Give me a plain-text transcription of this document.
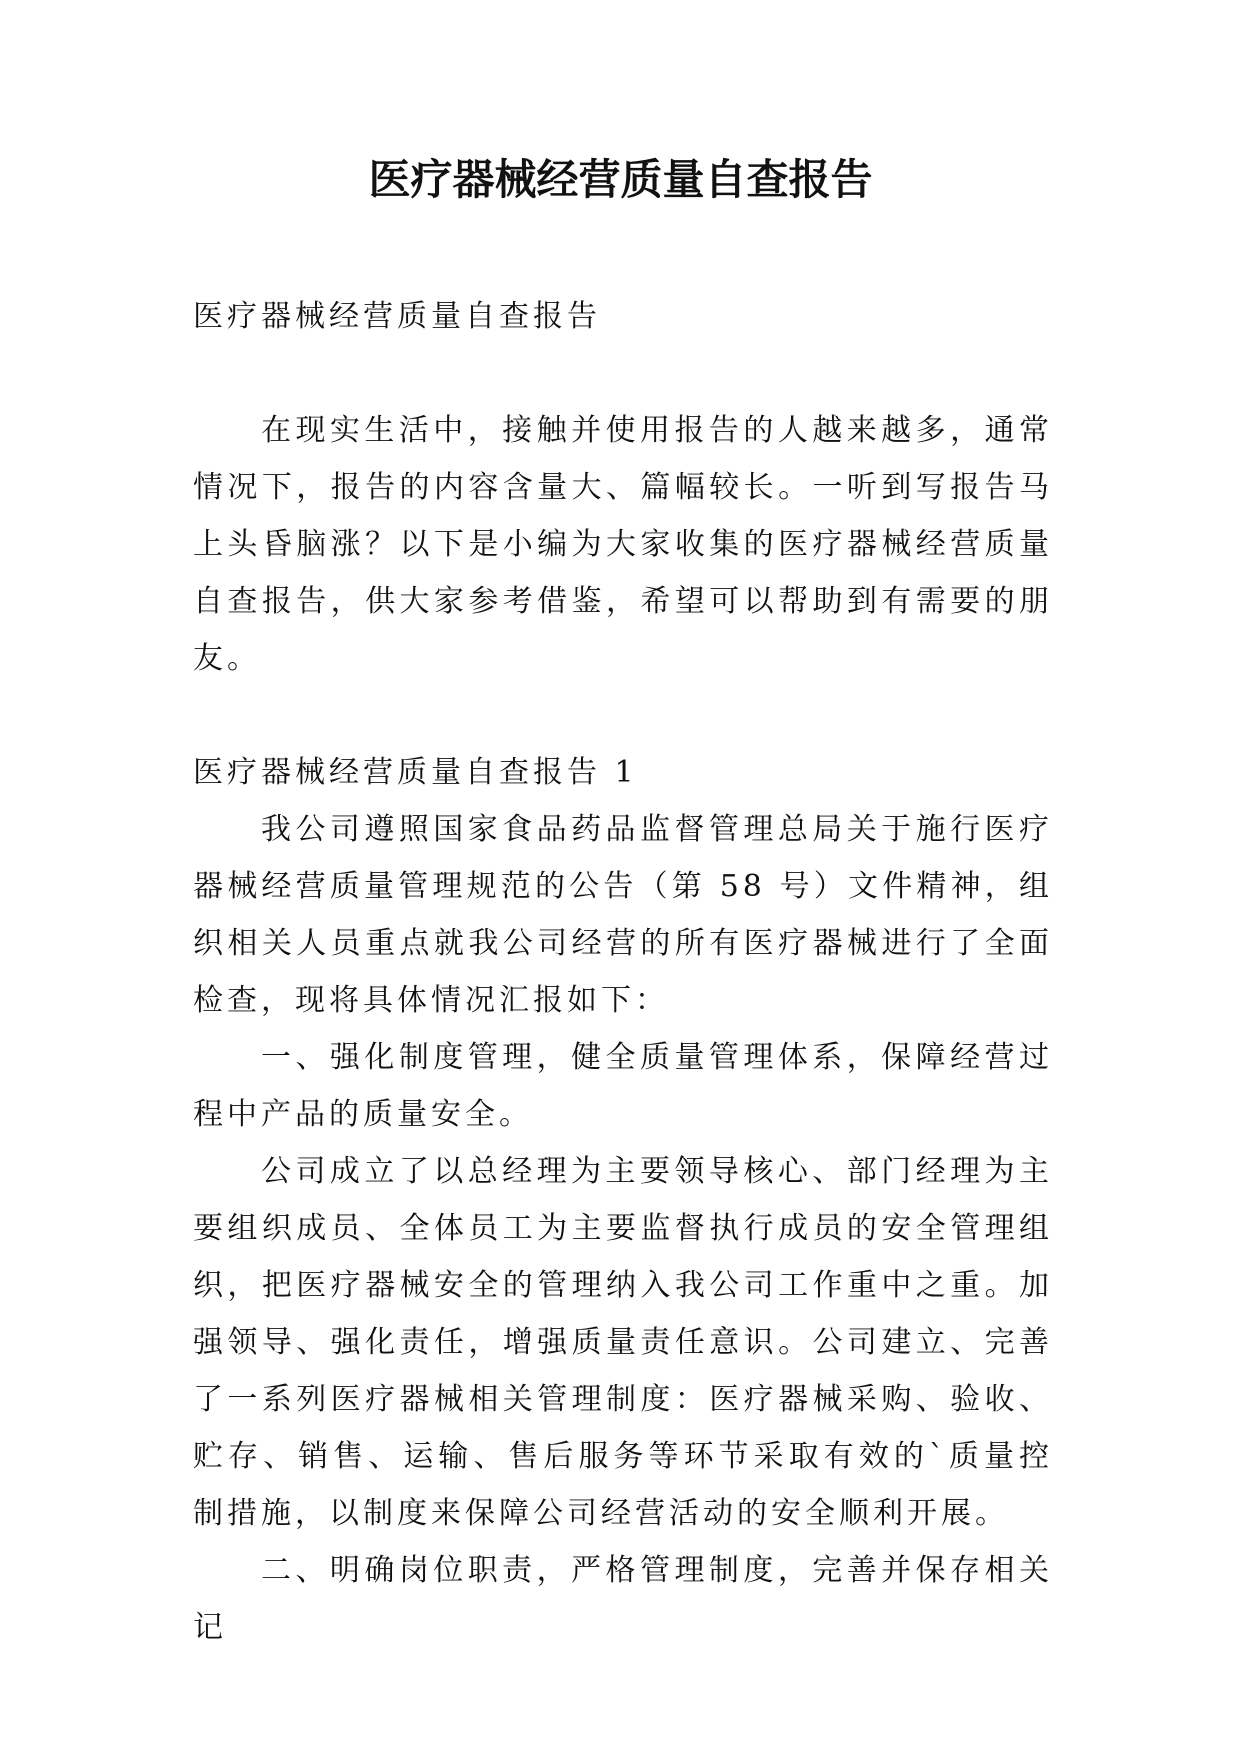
医疗器械经营质量自查报告

医疗器械经营质量自查报告

在现实生活中，接触并使用报告的人越来越多，通常情况下，报告的内容含量大、篇幅较长。一听到写报告马上头昏脑涨？以下是小编为大家收集的医疗器械经营质量自查报告，供大家参考借鉴，希望可以帮助到有需要的朋友。

医疗器械经营质量自查报告 1

我公司遵照国家食品药品监督管理总局关于施行医疗器械经营质量管理规范的公告（第 58 号）文件精神，组织相关人员重点就我公司经营的所有医疗器械进行了全面检查，现将具体情况汇报如下：

一、强化制度管理，健全质量管理体系，保障经营过程中产品的质量安全。

公司成立了以总经理为主要领导核心、部门经理为主要组织成员、全体员工为主要监督执行成员的安全管理组织，把医疗器械安全的管理纳入我公司工作重中之重。加强领导、强化责任，增强质量责任意识。公司建立、完善了一系列医疗器械相关管理制度：医疗器械采购、验收、贮存、销售、运输、售后服务等环节采取有效的`质量控制措施，以制度来保障公司经营活动的安全顺利开展。

二、明确岗位职责，严格管理制度，完善并保存相关记
